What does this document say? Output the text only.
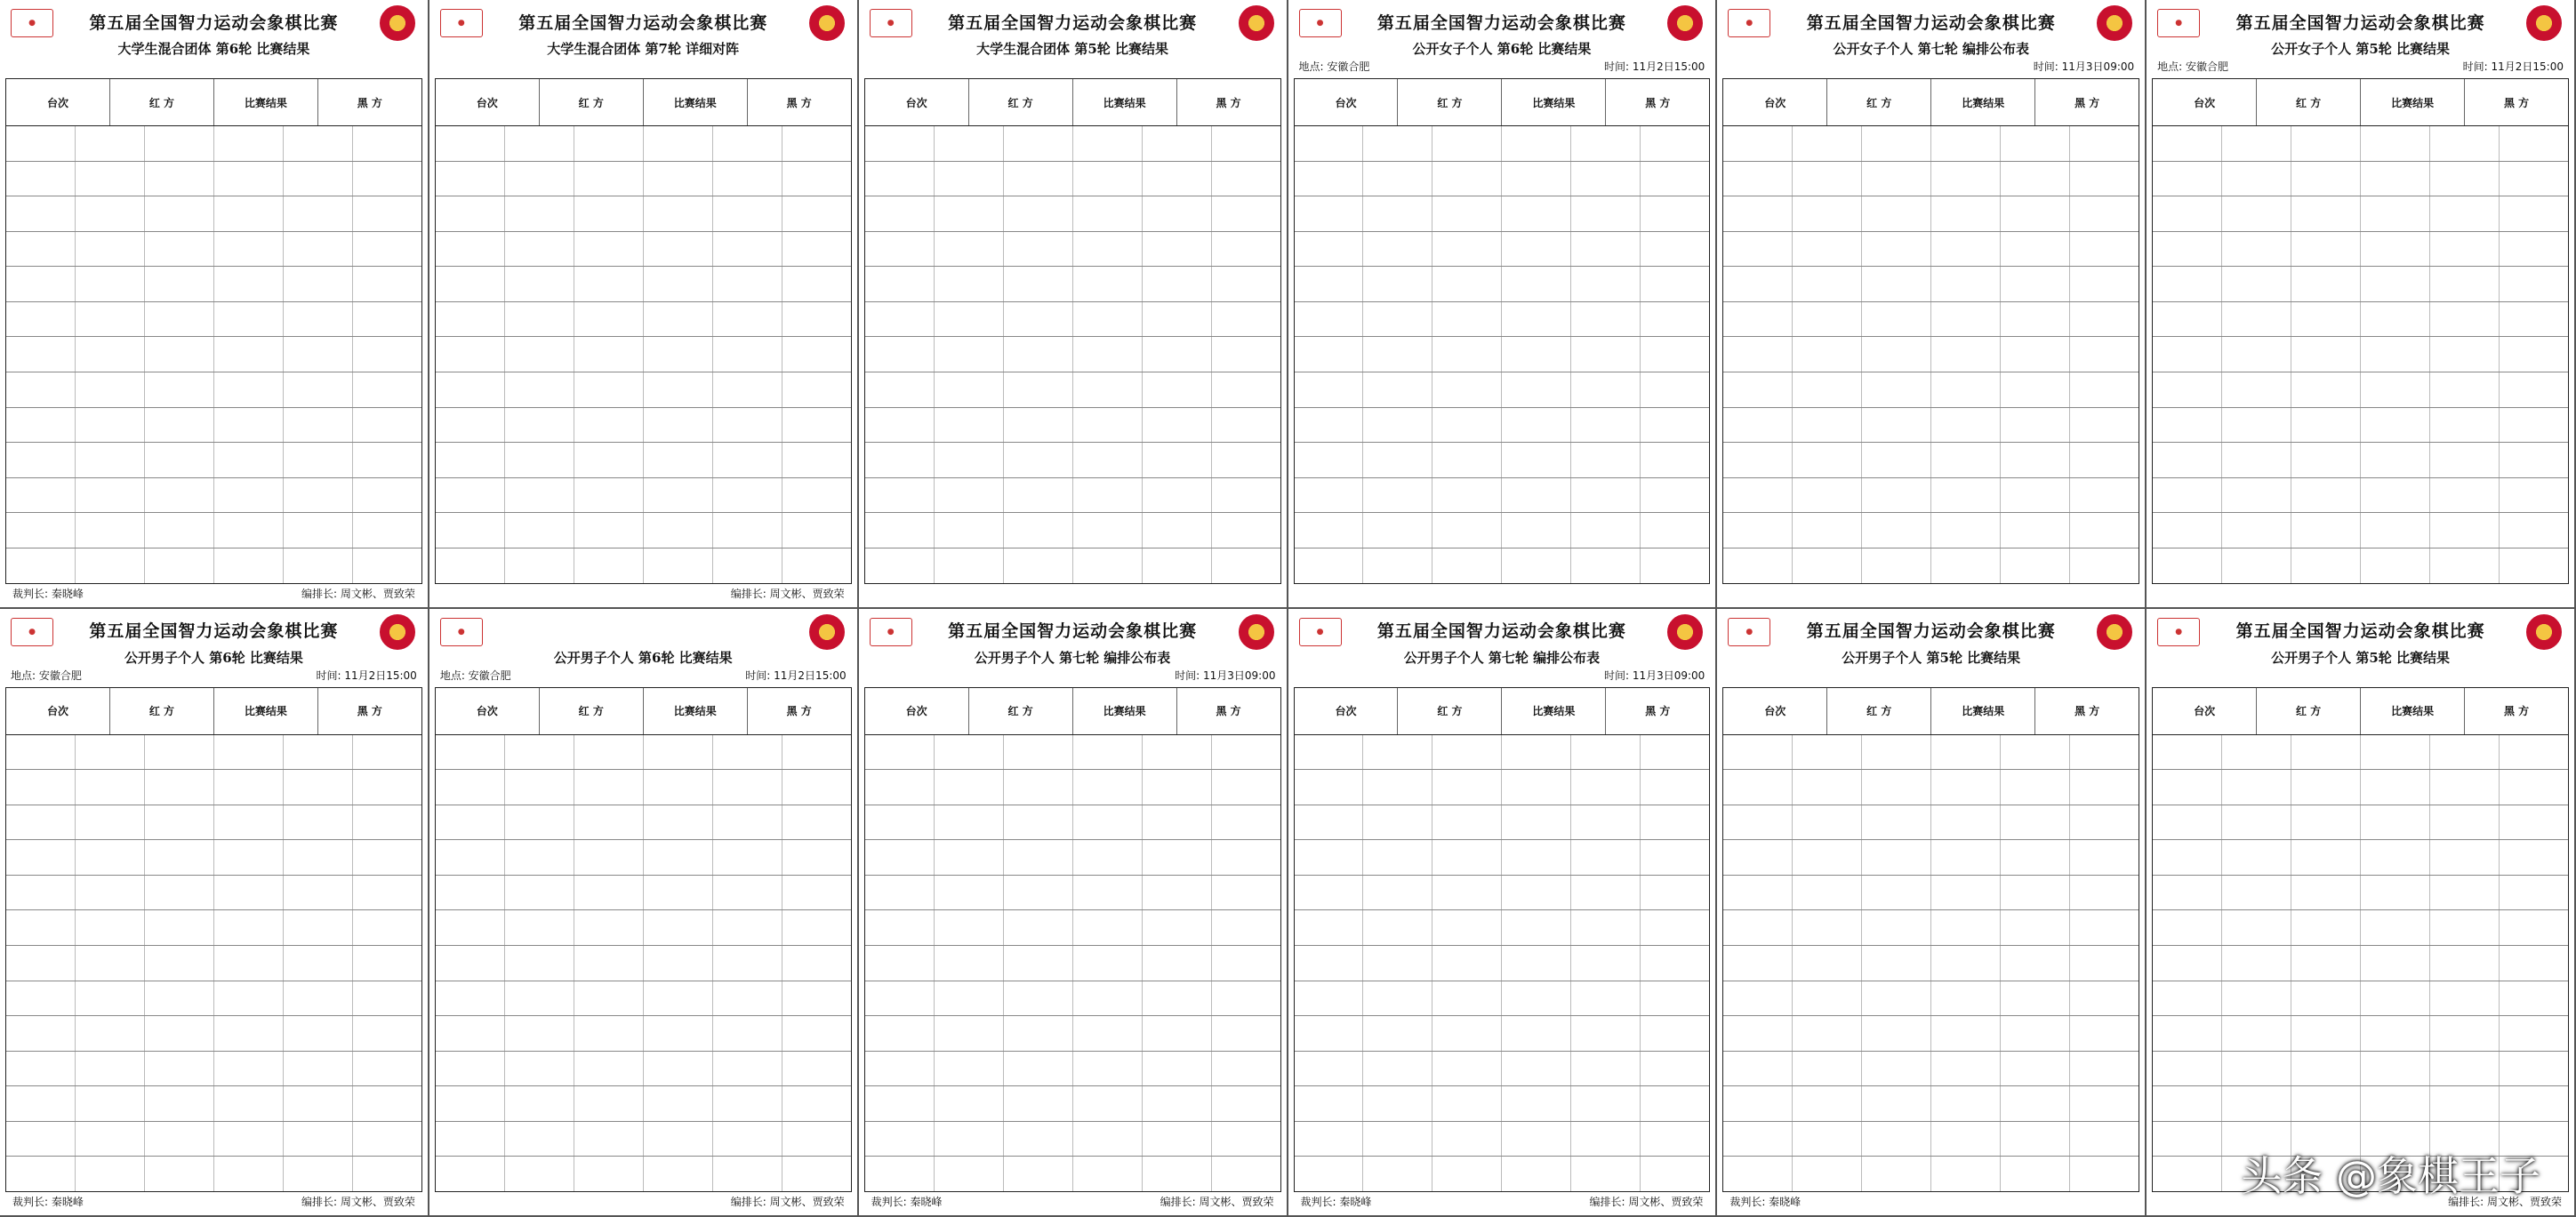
●	第五届全国智力运动会象棋比赛
大学生混合团体 第6轮 比赛结果
台次	红 方	比赛结果	黑 方
裁判长: 秦晓峰	编排长: 周文彬、贾致荣
●	第五届全国智力运动会象棋比赛
大学生混合团体 第7轮 详细对阵
台次	红 方	比赛结果	黑 方
编排长: 周文彬、贾致荣
●	第五届全国智力运动会象棋比赛
大学生混合团体 第5轮 比赛结果
台次	红 方	比赛结果	黑 方
●	第五届全国智力运动会象棋比赛
公开女子个人 第6轮 比赛结果
地点: 安徽合肥	时间: 11月2日15:00
台次	红 方	比赛结果	黑 方
●	第五届全国智力运动会象棋比赛
公开女子个人 第七轮 编排公布表
时间: 11月3日09:00
台次	红 方	比赛结果	黑 方
●	第五届全国智力运动会象棋比赛
公开女子个人 第5轮 比赛结果
地点: 安徽合肥	时间: 11月2日15:00
台次	红 方	比赛结果	黑 方
●	第五届全国智力运动会象棋比赛
公开男子个人 第6轮 比赛结果
地点: 安徽合肥	时间: 11月2日15:00
台次	红 方	比赛结果	黑 方
裁判长: 秦晓峰	编排长: 周文彬、贾致荣
●
公开男子个人 第6轮 比赛结果
地点: 安徽合肥	时间: 11月2日15:00
台次	红 方	比赛结果	黑 方
编排长: 周文彬、贾致荣
●	第五届全国智力运动会象棋比赛
公开男子个人 第七轮 编排公布表
时间: 11月3日09:00
台次	红 方	比赛结果	黑 方
裁判长: 秦晓峰	编排长: 周文彬、贾致荣
●	第五届全国智力运动会象棋比赛
公开男子个人 第七轮 编排公布表
时间: 11月3日09:00
台次	红 方	比赛结果	黑 方
裁判长: 秦晓峰	编排长: 周文彬、贾致荣
●	第五届全国智力运动会象棋比赛
公开男子个人 第5轮 比赛结果
台次	红 方	比赛结果	黑 方
裁判长: 秦晓峰
●	第五届全国智力运动会象棋比赛
公开男子个人 第5轮 比赛结果
台次	红 方	比赛结果	黑 方
编排长: 周文彬、贾致荣
头条 @象棋王子
